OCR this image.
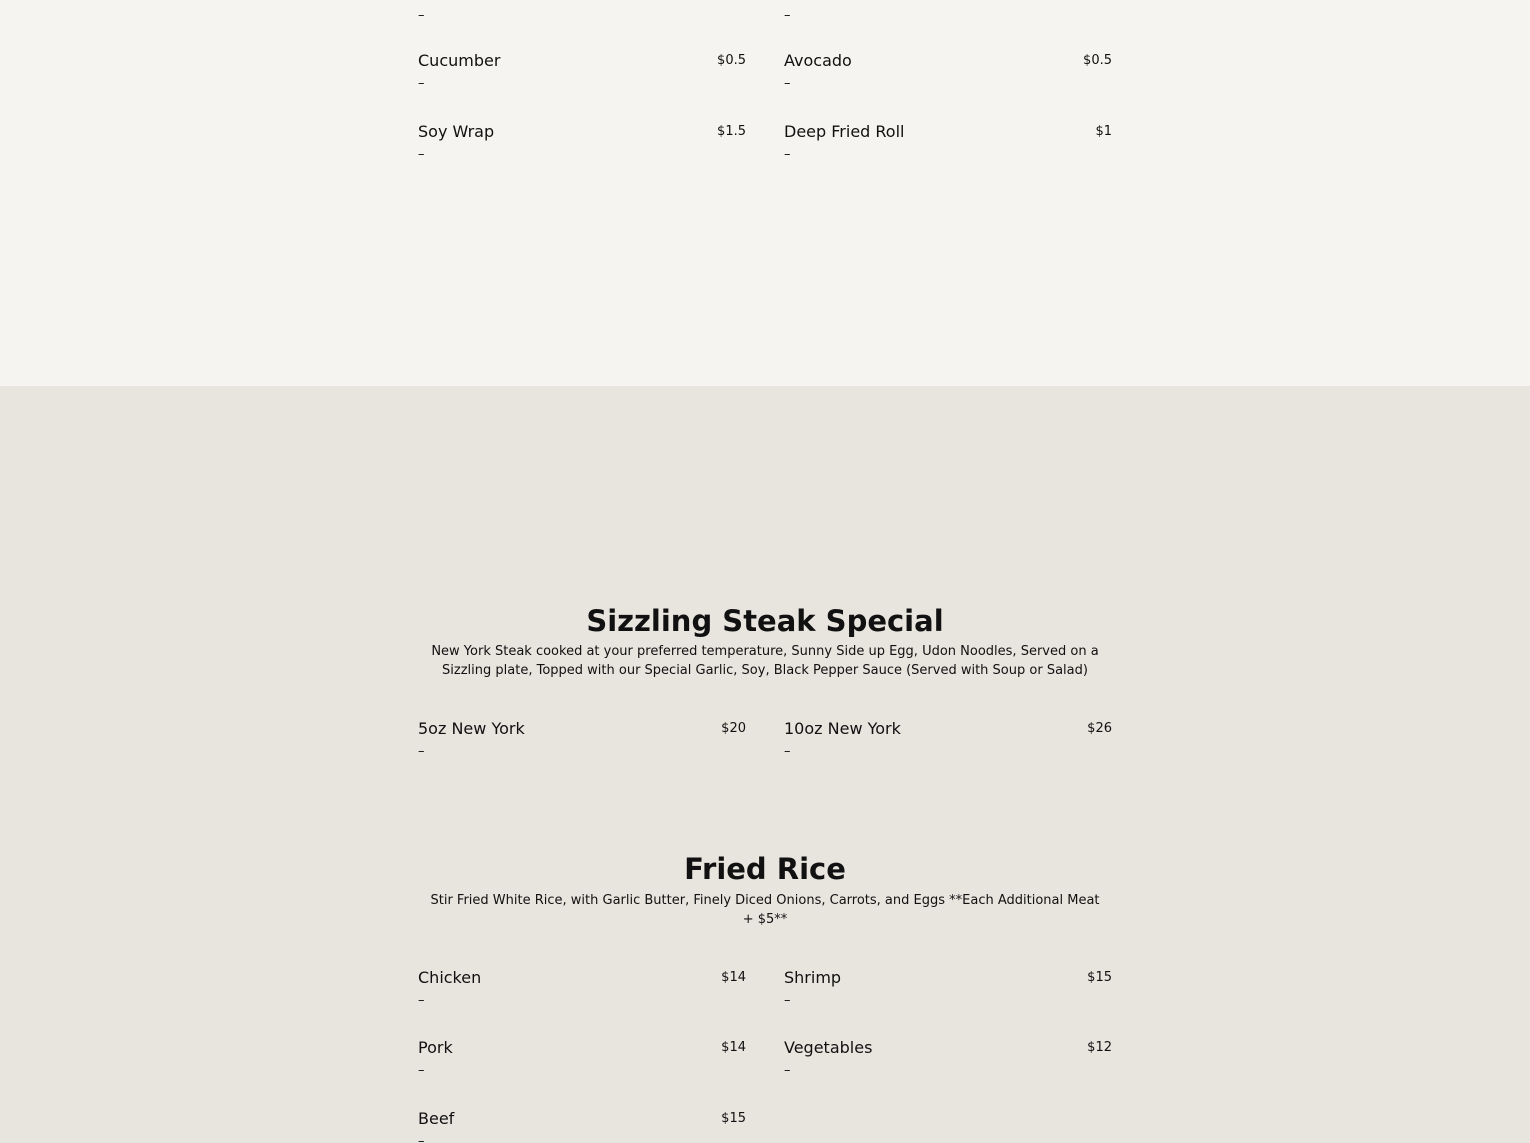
–	–
Cucumber	$0.5
–
Avocado	$0.5
–
Soy Wrap	$1.5
–
Deep Fried Roll	$1
–
Sizzling Steak Special
New York Steak cooked at your preferred temperature, Sunny Side up Egg, Udon Noodles, Served on a Sizzling plate, Topped with our Special Garlic, Soy, Black Pepper Sauce (Served with Soup or Salad)
5oz New York	$20
–
10oz New York	$26
–
Fried Rice
Stir Fried White Rice, with Garlic Butter, Finely Diced Onions, Carrots, and Eggs **Each Additional Meat + $5**
Chicken	$14
–
Shrimp	$15
–
Pork	$14
–
Vegetables	$12
–
Beef	$15
–
